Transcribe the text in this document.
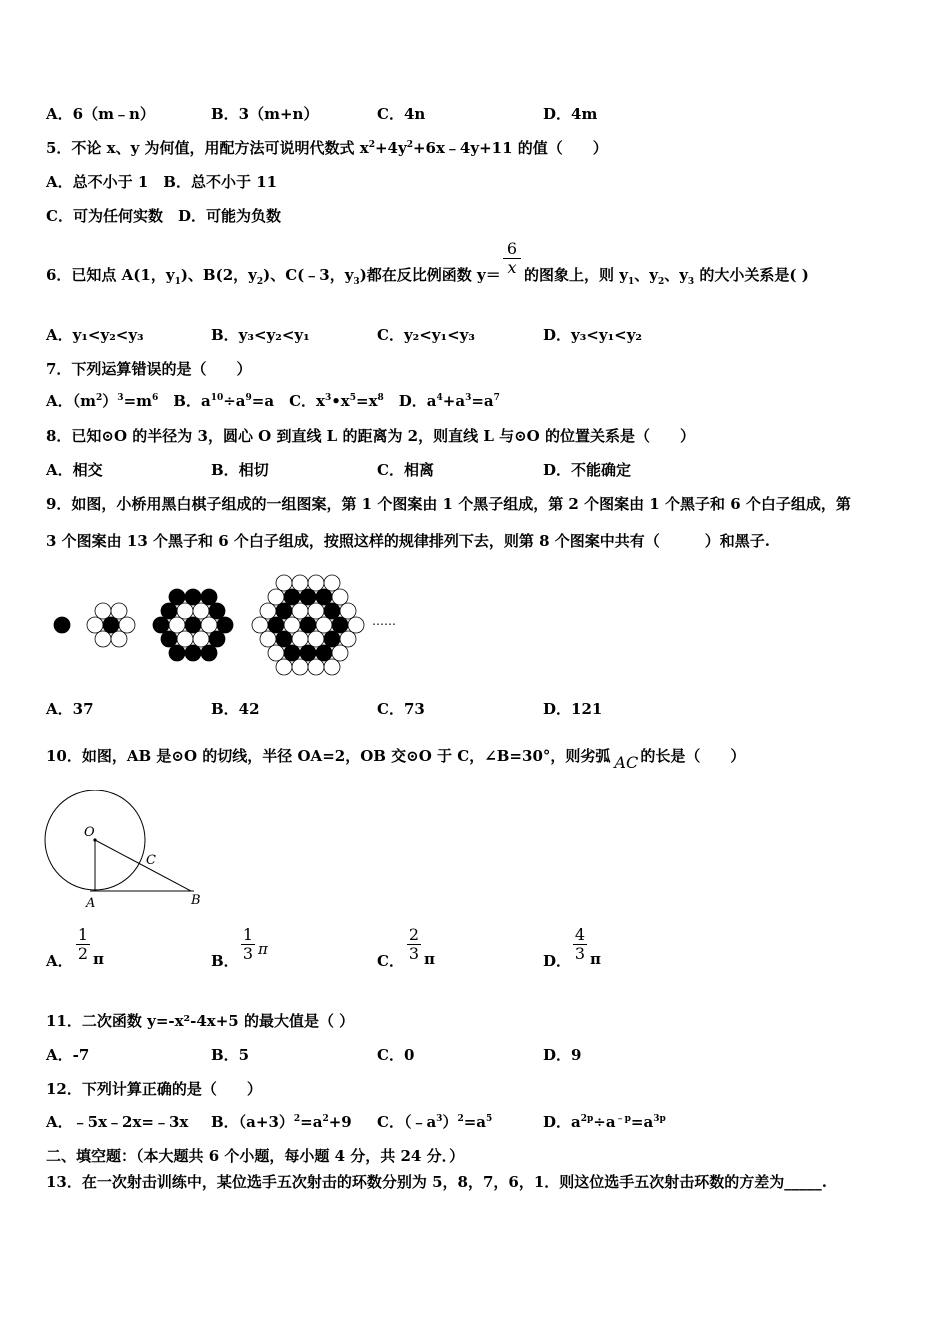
A．6（m﹣n）	B．3（m+n）	C．4n	D．4m
5．不论 x、y 为何值，用配方法可说明代数式 $x^2+4y^2+6x﹣4y+11$ 的值（　　）
A．总不小于 1　B．总不小于 11
C．可为任何实数　D．可能为负数
6．已知点 A(1，$y_1$)、B(2，$y_2$)、C(﹣3，$y_3$)都在反比例函数 y＝
6
x 的图象上，则 $y_1$、$y_2$、$y_3$ 的大小关系是( )
A．y₁<y₂<y₃	B．y₃<y₂<y₁	C．y₂<y₁<y₃	D．y₃<y₁<y₂
7．下列运算错误的是（　　）
A．$(m^2)^3=m^6$　B．$a^{10}\div a^9=a$　C．$x^3•x^5=x^8$　D．$a^4+a^3=a^7$
8．已知⊙O 的半径为 3，圆心 O 到直线 L 的距离为 2，则直线 L 与⊙O 的位置关系是（　　）
A．相交	B．相切	C．相离	D．不能确定
9．如图，小桥用黑白棋子组成的一组图案，第 1 个图案由 1 个黑子组成，第 2 个图案由 1 个黑子和 6 个白子组成，第
3 个图案由 13 个黑子和 6 个白子组成，按照这样的规律排列下去，则第 8 个图案中共有（　　　）和黑子.
……
A．37	B．42	C．73	D．121
10．如图，AB 是⊙O 的切线，半径 OA=2，OB 交⊙O 于 C，∠B=30°，则劣弧 AC 的长是（　　）
O
C
A	B
A．
1
2 π	B．
1
3 π
C．
2
3 π	D．
4
3 π
11．二次函数 y=-x²-4x+5 的最大值是（ ）
A．-7	B．5	C．0	D．9
12．下列计算正确的是（　　）
A．﹣5x﹣2x=﹣3x B．$(a+3)^2=a^2+9$ C．$(﹣a^3)^2=a^5$	D．$a^{2p}\div a^{﹣p}=a^{3p}$
二、填空题：（本大题共 6 个小题，每小题 4 分，共 24 分．）
13．在一次射击训练中，某位选手五次射击的环数分别为 5，8，7，6，1．则这位选手五次射击环数的方差为_____.
